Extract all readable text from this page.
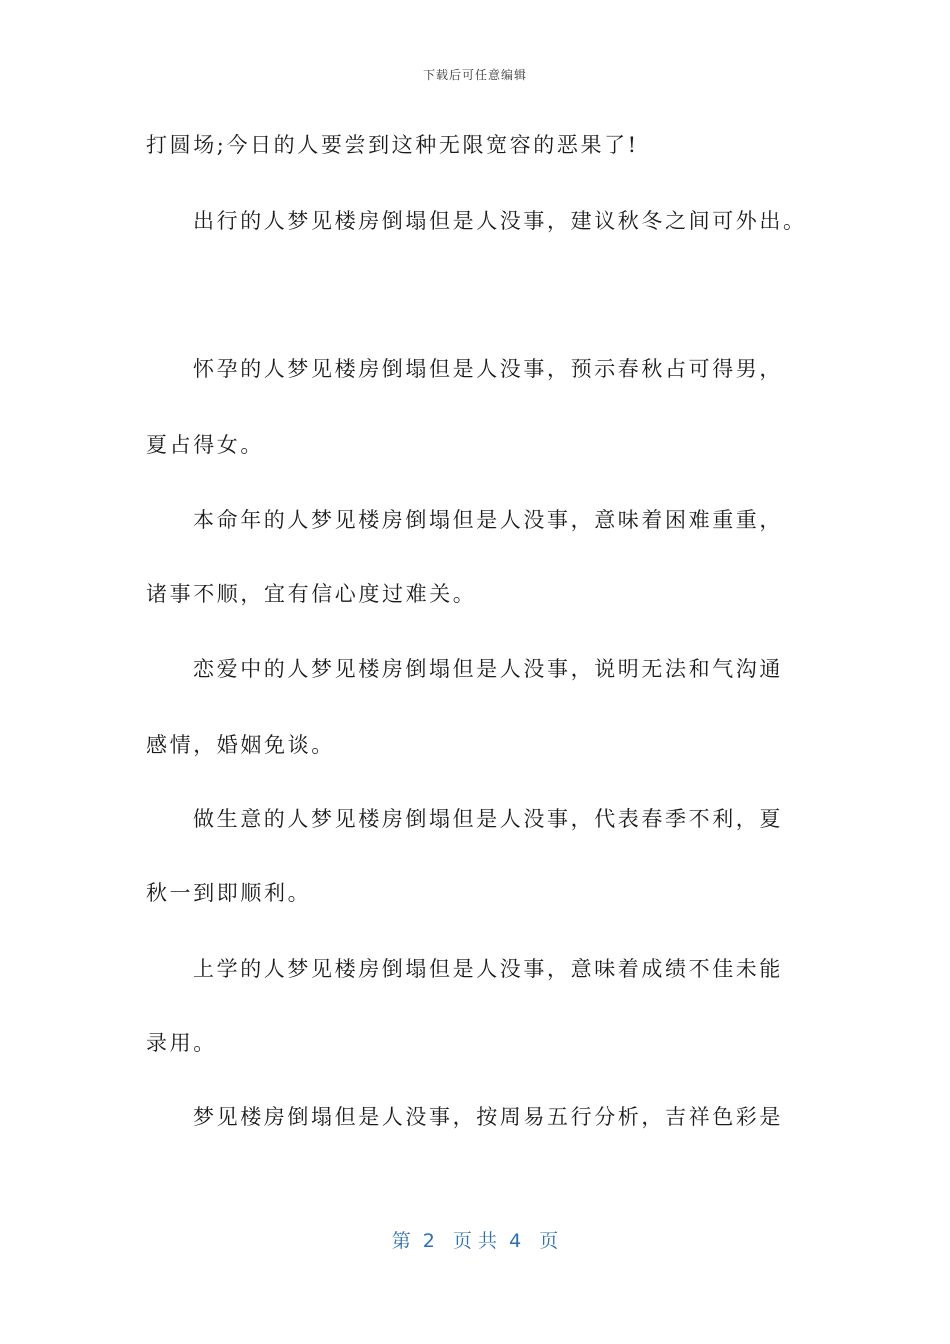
下载后可任意编辑
打圆场;今日的人要尝到这种无限宽容的恶果了!
出行的人梦见楼房倒塌但是人没事，建议秋冬之间可外出。
怀孕的人梦见楼房倒塌但是人没事，预示春秋占可得男，
夏占得女。
本命年的人梦见楼房倒塌但是人没事，意味着困难重重，
诸事不顺，宜有信心度过难关。
恋爱中的人梦见楼房倒塌但是人没事，说明无法和气沟通
感情，婚姻免谈。
做生意的人梦见楼房倒塌但是人没事，代表春季不利，夏
秋一到即顺利。
上学的人梦见楼房倒塌但是人没事，意味着成绩不佳未能
录用。
梦见楼房倒塌但是人没事，按周易五行分析，吉祥色彩是
第  2   页 共  4   页
